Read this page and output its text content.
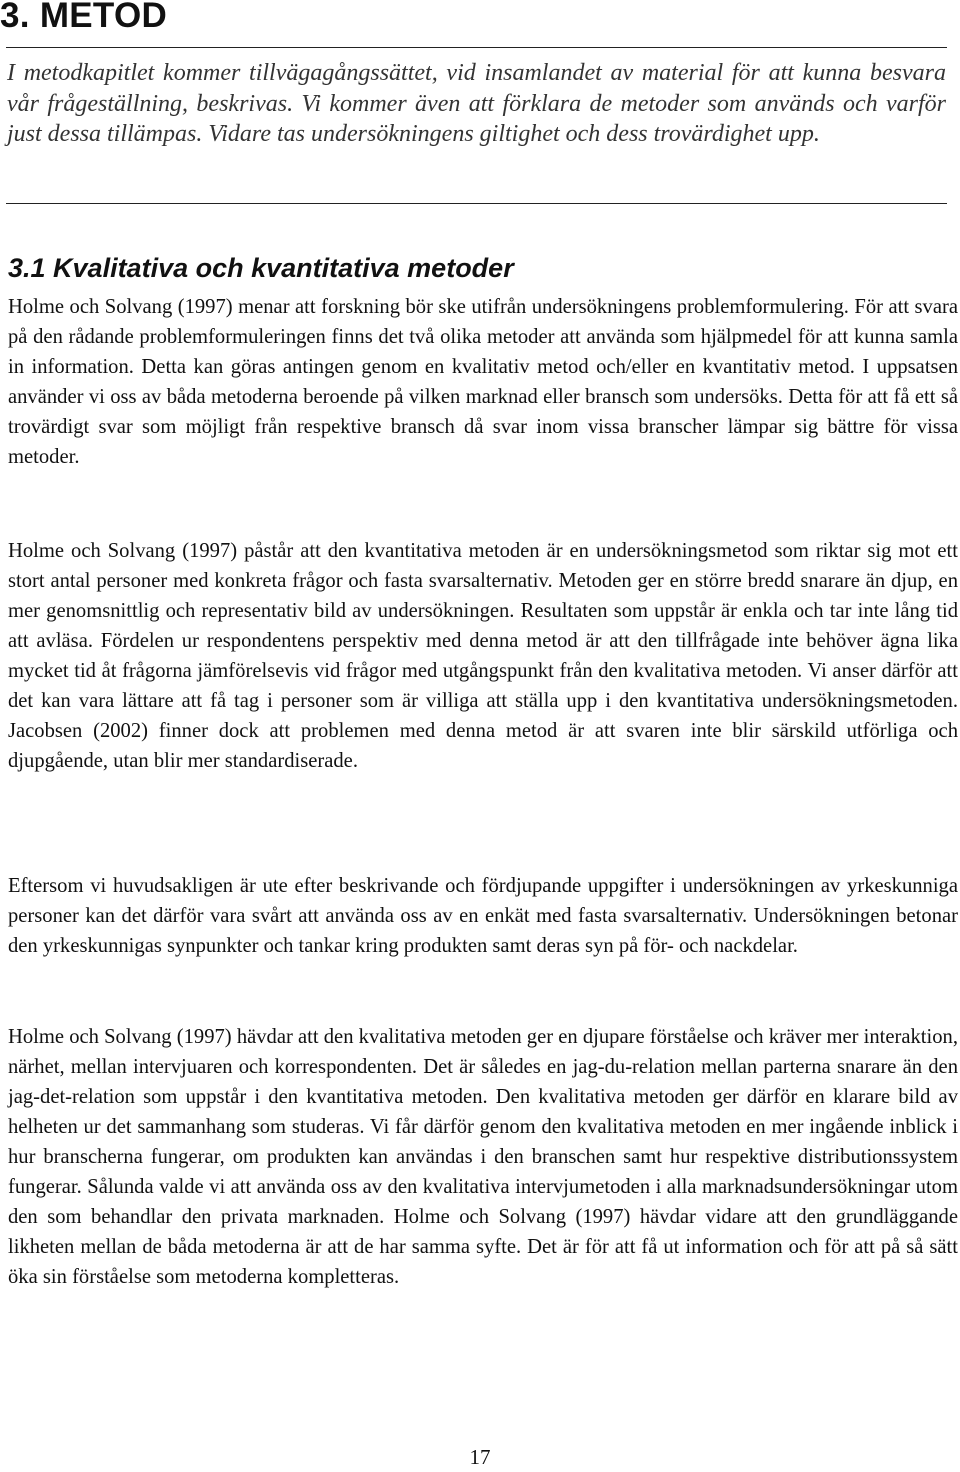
3. METOD

I metodkapitlet kommer tillvägagångssättet, vid insamlandet av material för att kunna besvara vår frågeställning, beskrivas. Vi kommer även att förklara de metoder som används och varför just dessa tillämpas. Vidare tas undersökningens giltighet och dess trovärdighet upp.

3.1 Kvalitativa och kvantitativa metoder

Holme och Solvang (1997) menar att forskning bör ske utifrån undersökningens problemformulering. För att svara på den rådande problemformuleringen finns det två olika metoder att använda som hjälpmedel för att kunna samla in information. Detta kan göras antingen genom en kvalitativ metod och/eller en kvantitativ metod. I uppsatsen använder vi oss av båda metoderna beroende på vilken marknad eller bransch som undersöks. Detta för att få ett så trovärdigt svar som möjligt från respektive bransch då svar inom vissa branscher lämpar sig bättre för vissa metoder.

Holme och Solvang (1997) påstår att den kvantitativa metoden är en undersökningsmetod som riktar sig mot ett stort antal personer med konkreta frågor och fasta svarsalternativ. Metoden ger en större bredd snarare än djup, en mer genomsnittlig och representativ bild av undersökningen. Resultaten som uppstår är enkla och tar inte lång tid att avläsa. Fördelen ur respondentens perspektiv med denna metod är att den tillfrågade inte behöver ägna lika mycket tid åt frågorna jämförelsevis vid frågor med utgångspunkt från den kvalitativa metoden. Vi anser därför att det kan vara lättare att få tag i personer som är villiga att ställa upp i den kvantitativa undersökningsmetoden. Jacobsen (2002) finner dock att problemen med denna metod är att svaren inte blir särskild utförliga och djupgående, utan blir mer standardiserade.

Eftersom vi huvudsakligen är ute efter beskrivande och fördjupande uppgifter i undersökningen av yrkeskunniga personer kan det därför vara svårt att använda oss av en enkät med fasta svarsalternativ. Undersökningen betonar den yrkeskunnigas synpunkter och tankar kring produkten samt deras syn på för- och nackdelar.

Holme och Solvang (1997) hävdar att den kvalitativa metoden ger en djupare förståelse och kräver mer interaktion, närhet, mellan intervjuaren och korrespondenten. Det är således en jag-du-relation mellan parterna snarare än den jag-det-relation som uppstår i den kvantitativa metoden. Den kvalitativa metoden ger därför en klarare bild av helheten ur det sammanhang som studeras. Vi får därför genom den kvalitativa metoden en mer ingående inblick i hur branscherna fungerar, om produkten kan användas i den branschen samt hur respektive distributionssystem fungerar. Sålunda valde vi att använda oss av den kvalitativa intervjumetoden i alla marknadsundersökningar utom den som behandlar den privata marknaden. Holme och Solvang (1997) hävdar vidare att den grundläggande likheten mellan de båda metoderna är att de har samma syfte. Det är för att få ut information och för att på så sätt öka sin förståelse som metoderna kompletteras.

17
